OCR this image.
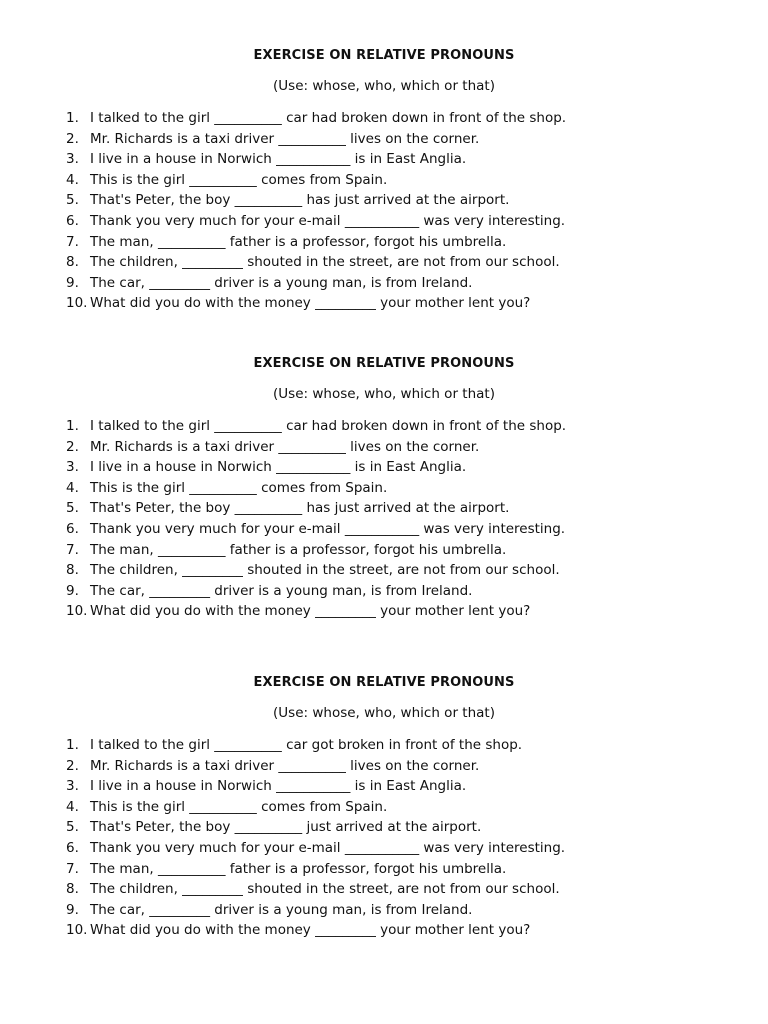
EXERCISE ON RELATIVE PRONOUNS
(Use: whose, who, which or that)
1. I talked to the girl __________ car had broken down in front of the shop.
2. Mr. Richards is a taxi driver __________ lives on the corner.
3. I live in a house in Norwich ___________ is in East Anglia.
4. This is the girl __________ comes from Spain.
5. That's Peter, the boy __________ has just arrived at the airport.
6. Thank you very much for your e-mail ___________ was very interesting.
7. The man, __________ father is a professor, forgot his umbrella.
8. The children, _________ shouted in the street, are not from our school.
9. The car, _________ driver is a young man, is from Ireland.
10. What did you do with the money _________ your mother lent you?
EXERCISE ON RELATIVE PRONOUNS
(Use: whose, who, which or that)
1. I talked to the girl __________ car had broken down in front of the shop.
2. Mr. Richards is a taxi driver __________ lives on the corner.
3. I live in a house in Norwich ___________ is in East Anglia.
4. This is the girl __________ comes from Spain.
5. That's Peter, the boy __________ has just arrived at the airport.
6. Thank you very much for your e-mail ___________ was very interesting.
7. The man, __________ father is a professor, forgot his umbrella.
8. The children, _________ shouted in the street, are not from our school.
9. The car, _________ driver is a young man, is from Ireland.
10. What did you do with the money _________ your mother lent you?
EXERCISE ON RELATIVE PRONOUNS
(Use: whose, who, which or that)
1. I talked to the girl __________ car got broken in front of the shop.
2. Mr. Richards is a taxi driver __________ lives on the corner.
3. I live in a house in Norwich ___________ is in East Anglia.
4. This is the girl __________ comes from Spain.
5. That's Peter, the boy __________ just arrived at the airport.
6. Thank you very much for your e-mail ___________ was very interesting.
7. The man, __________ father is a professor, forgot his umbrella.
8. The children, _________ shouted in the street, are not from our school.
9. The car, _________ driver is a young man, is from Ireland.
10. What did you do with the money _________ your mother lent you?
